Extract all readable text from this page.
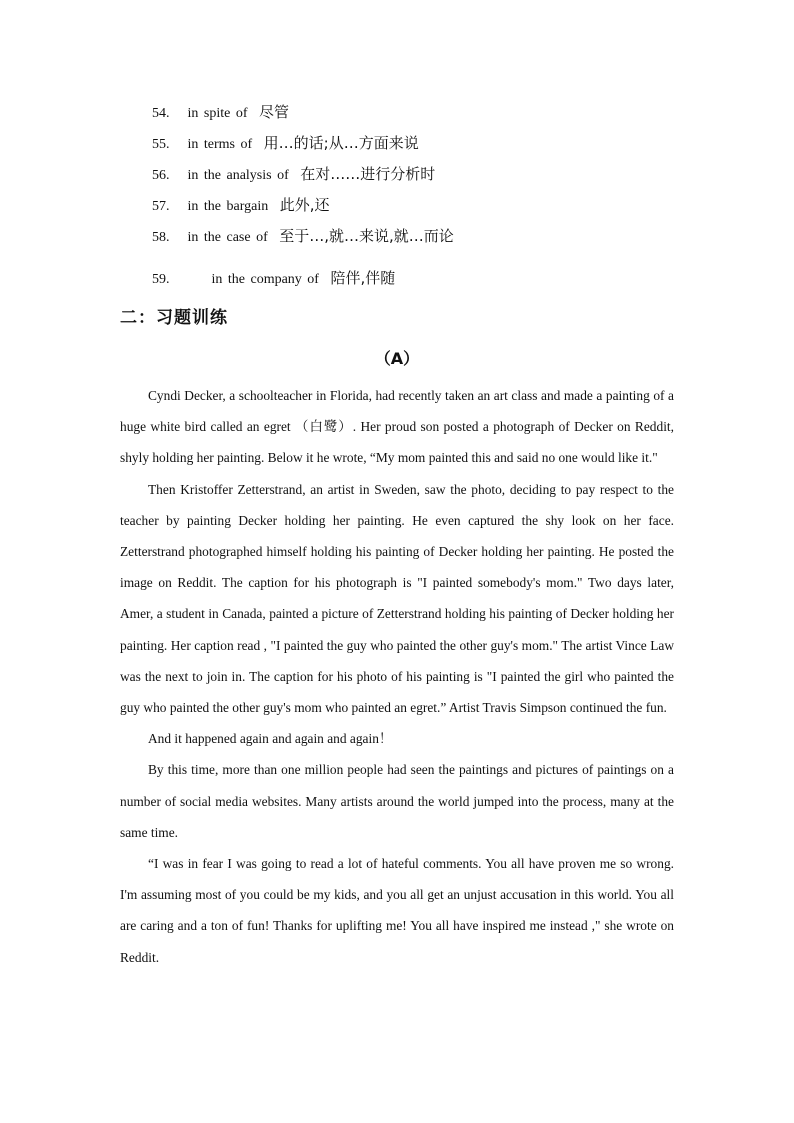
54. in spite of 尽管
55. in terms of 用…的话;从…方面来说
56. in the analysis of 在对……进行分析时
57. in the bargain 此外,还
58. in the case of 至于…,就…来说,就…而论
59.	in the company of 陪伴,伴随
二：习题训练
（A）

Cyndi Decker, a schoolteacher in Florida, had recently taken an art class and made a painting of a huge white bird called an egret （白鹭）. Her proud son posted a photograph of Decker on Reddit, shyly holding her painting. Below it he wrote, “My mom painted this and said no one would like it."

Then Kristoffer Zetterstrand, an artist in Sweden, saw the photo, deciding to pay respect to the teacher by painting Decker holding her painting. He even captured the shy look on her face. Zetterstrand photographed himself holding his painting of Decker holding her painting. He posted the image on Reddit. The caption for his photograph is "I painted somebody's mom." Two days later, Amer, a student in Canada, painted a picture of Zetterstrand holding his painting of Decker holding her painting. Her caption read , "I painted the guy who painted the other guy's mom." The artist Vince Law was the next to join in. The caption for his photo of his painting is "I painted the girl who painted the guy who painted the other guy's mom who painted an egret.” Artist Travis Simpson continued the fun.

And it happened again and again and again！

By this time, more than one million people had seen the paintings and pictures of paintings on a number of social media websites. Many artists around the world jumped into the process, many at the same time.

“I was in fear I was going to read a lot of hateful comments. You all have proven me so wrong. I'm assuming most of you could be my kids, and you all get an unjust accusation in this world. You all are caring and a ton of fun! Thanks for uplifting me! You all have inspired me instead ," she wrote on Reddit.
